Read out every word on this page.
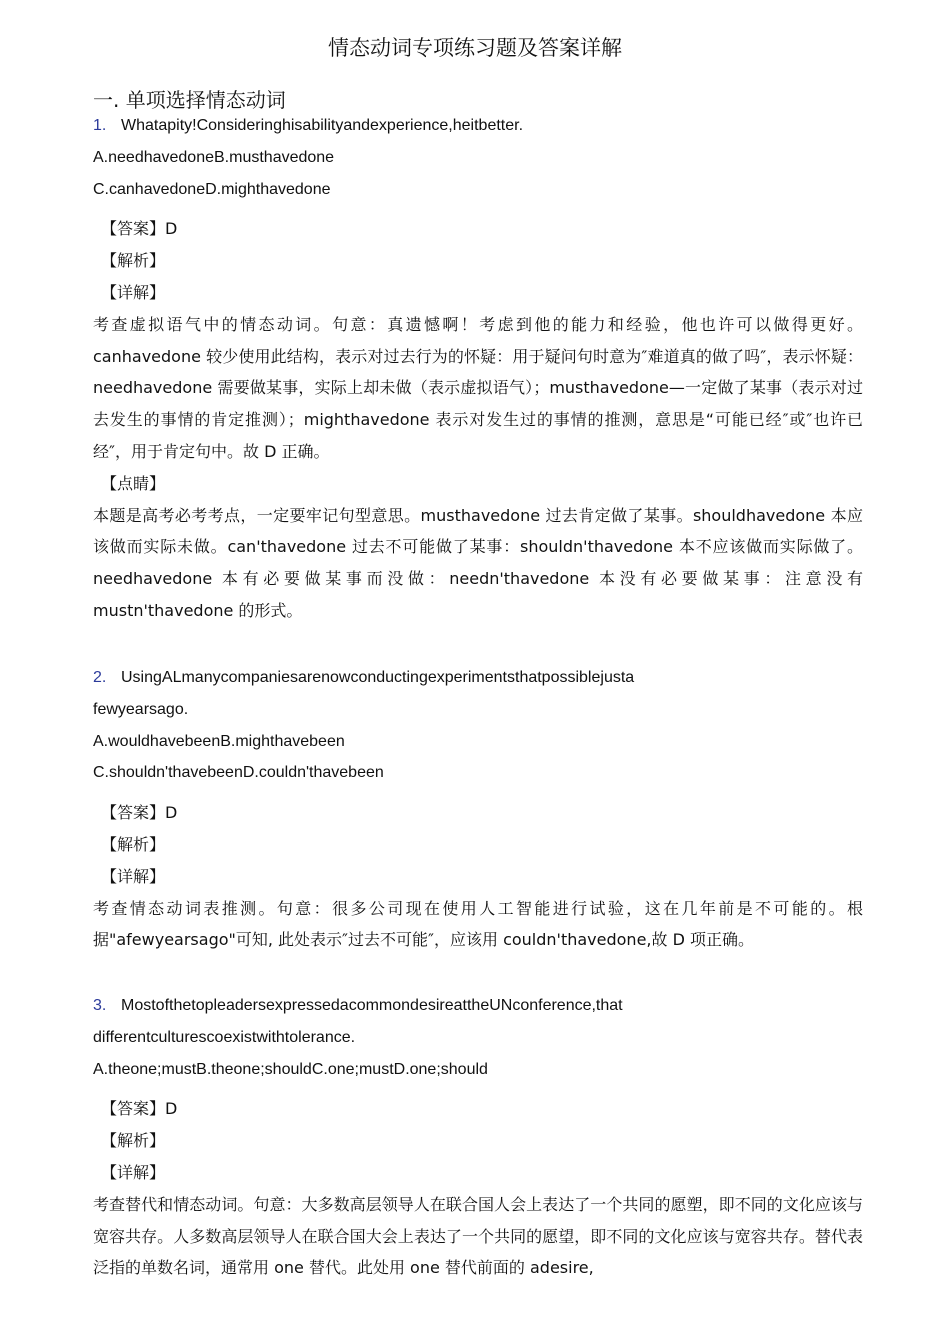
情态动词专项练习题及答案详解
一. 单项选择情态动词
1. Whatapity!Consideringhisabilityandexperience,heitbetter.
A.needhavedoneB.musthavedone
C.canhavedoneD.mighthavedone
【答案】D
【解析】
【详解】
考查虚拟语气中的情态动词。句意：真遗憾啊！考虑到他的能力和经验，他也许可以做得更好。canhavedone 较少使用此结构，表示对过去行为的怀疑：用于疑问句时意为″难道真的做了吗″，表示怀疑：needhavedone 需要做某事，实际上却未做（表示虚拟语气）；musthavedone—一定做了某事（表示对过去发生的事情的肯定推测）；mighthavedone 表示对发生过的事情的推测，意思是“可能已经″或″也许已经″，用于肯定句中。故 D 正确。
【点睛】
本题是高考必考考点，一定要牢记句型意思。musthavedone 过去肯定做了某事。shouldhavedone 本应该做而实际未做。can'thavedone 过去不可能做了某事：shouldn'thavedone 本不应该做而实际做了。needhavedone 本有必要做某事而没做：needn'thavedone 本没有必要做某事：注意没有 mustn'thavedone 的形式。
2. UsingALmanycompaniesarenowconductingexperimentsthatpossiblejusta
fewyearsago.
A.wouldhavebeenB.mighthavebeen
C.shouldn'thavebeenD.couldn'thavebeen
【答案】D
【解析】
【详解】
考查情态动词表推测。句意：很多公司现在使用人工智能进行试验，这在几年前是不可能的。根据"afewyearsago"可知, 此处表示″过去不可能″，应该用 couldn'thavedone,故 D 项正确。
3. MostofthetopleadersexpressedacommondesireattheUNconference,that
differentculturescoexistwithtolerance.
A.theone;mustB.theone;shouldC.one;mustD.one;should
【答案】D
【解析】
【详解】
考查替代和情态动词。句意：大多数高层领导人在联合国人会上表达了一个共同的愿塑，即不同的文化应该与宽容共存。人多数高层领导人在联合国大会上表达了一个共同的愿望，即不同的文化应该与宽容共存。替代表泛指的单数名词，通常用 one 替代。此处用 one 替代前面的 adesire,
